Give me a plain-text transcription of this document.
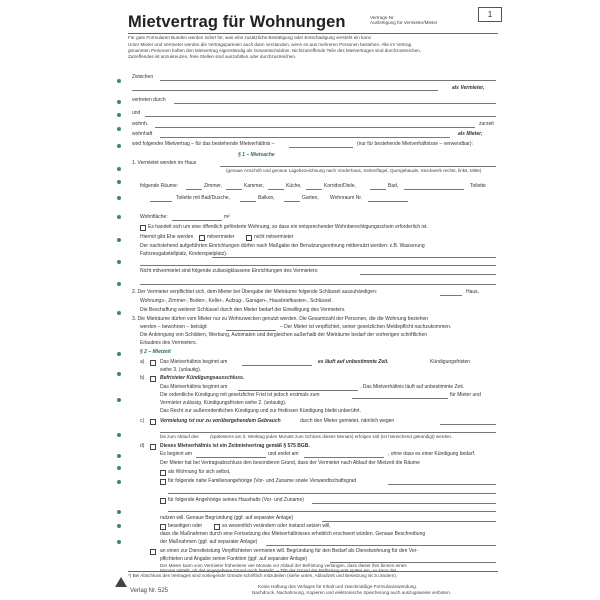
Mietvertrag für Wohnungen	Vertrags-Nr.
Ausfertigung für Vermieter/Mieter
1
Für gute Formularen Bunden werden sofort für, was eine zusätzliche Bestätigung oder Entschädigung versteht ein kann
Unter Mieter und Vermieter werden die Vertragsparteien auch dann verstanden, wenn es aus mehreren Personen bestehen. Alle im Vertrag
genannten Personen haften den Mietvertrag eigenständig als Gesamtschuldner. Nichtzutreffende Teile des Mietvertrages sind durchzustreichen.
Zutreffendes ist anzukreuzen, freie Stellen sind auszufüllen oder durchzustreichen.
Zwischen
als Vermieter,
vertreten durch
und
wohnh.	zurzeit
wohnhaft	als Mieter,
wird folgender Mietvertrag – für das bestehende Mietverhältnis –	(nur für bestehende Mietverhältnisse – verwendbar):
§ 1 – Mietsache
1. Vermietet werden im Haus
(genaue Anschrift und genaue Lagebezeichnung nach Vorderhaus, Seitenflügel, Quergebäude, Stockwerk rechts, links, Mitte)
folgende Räume:	Zimmer,	Kammer,	Küche,	Korridor/Diele,	Bad,	Toilette
Toilette mit Bad/Dusche,	Balkon,	Garten, Wohnraum Nr.
Wohnfläche:	m²
Es handelt sich um eine öffentlich geförderte Wohnung, so dass ein entsprechender Wohnberechtigungsschein erforderlich ist.
Hiermit gibt Ehe werden	mitvermieter	nicht mitvermieter
Der nachstehend aufgeführten Einrichtungen dürfen nach Maßgabe der Benutzungsordnung mitbenutzt werden: z.B. Wasserung
Fahrzeugabstellplatz, Kinderspielplatz).
Nicht mitvermietet sind folgende zulässigklassene Einrichtungen des Vermieters:
2. Der Vermieter verpflichtet sich, dem Mieter bei Übergabe der Mieträume folgende Schlüssel auszuhändigen:	Haus,
Wohnungs-, Zimmer-, Boden-, Keller-, Aufzug-, Garagen-, Hausbriefkasten-, Schlüssel.
Die Beschaffung weiterer Schlüssel durch den Mieter bedarf der Einwilligung des Vermieters.
3. Die Mieträume dürfen vom Mieter nur zu Wohnzwecken genutzt werden. Die Gesamtzahl der Personen, die die Wohnung beziehen
werden – bewohnen – beträgt:	– Der Mieter ist verpflichtet, seiner gesetzlichen Meldepflicht nachzukommen.
Die Anbringung von Schildern, Werbung, Automaten und dergleichen außerhalb der Mieträume bedarf der vorherigen schriftlichen
Erlaubnis des Vermieters.
§ 2 – Mietzeit
a)	Das Mietverhältnis beginnt am	es läuft auf unbestimmte Zeit.	Kündigungsfristen
siehe 3. (unlautig).
b)	Befristeter Kündigungsausschluss.
Das Mietverhältnis beginnt am	. Das Mietverhältnis läuft auf unbestimmte Zeit.
Die ordentliche Kündigung mit gesetzlicher Frist ist jedoch erstmals zum	für Mieter und
Vermieter zulässig. Kündigungsfristen siehe 2. (unlautig).
Das Recht zur außerordentlichen Kündigung und zur fristlosen Kündigung bleibt unberührt.
c)	Vermietung ist nur zu vorübergehendem Gebrauch	durch den Mieter gemietet, nämlich wegen
bis zum Ablauf des (spätestens am 3. Werktag jeden Monats zum Schluss dieses Monats) erfolgen soll (ist hinreichend gekündigt) werden.
d)	Dieses Mietverhältnis ist ein Zeitmietvertrag gemäß § 575 BGB.
Es beginnt am	und endet am	, ohne dass es einer Kündigung bedarf.
Der Mieter hat bei Vertragsabschluss den besonderen Grund, dass der Vermieter nach Ablauf der Mietzeit die Räume
als Wohnung für sich selbst,
für folgende nahe Familienangehörige (Vor- und Zuname sowie Verwandtschaftsgrad
für folgende Angehörige seines Haushalts (Vor- und Zuname)
nutzen will. Genaue Begründung (ggf. auf separater Anlage)
beseitigen oder	so wesentlich verändern oder instand setzen will,
dass die Maßnahmen durch eine Fortsetzung des Mietverhältnisses erheblich erschwert würden. Genaue Beschreibung
der Maßnahmen (ggf. auf separater Anlage)
an einen zur Dienstleistung Verpflichteten vermieten will. Begründung für den Bedarf als Dienstwohnung für den Ver-
pflichteten und Angabe seiner Funktion (ggf. auf separater Anlage)
Der Mieter kann vom Vermieter frühestens vier Monate vor Ablauf der Befristung verlangen, dass dieser ihm binnen eines
Monats mitteilt, ob der angegebene Grund noch besteht. – Tritt der Grund der Befristung erst später ein, so kann der
*) Bei Abschluss des Vertrages sind vorliegende Gründe schriftlich mitzuteilen (siehe unten, Ablaufzeit und Besetzung ist zu ändern).
Verlag Nr. 525
Keine Haftung des Verlages für Inhalt und zweckmäßige Formularanwendung.
Nachdruck, Nachahmung, Kopieren und elektronische Speicherung auch auszugsweise verboten.
